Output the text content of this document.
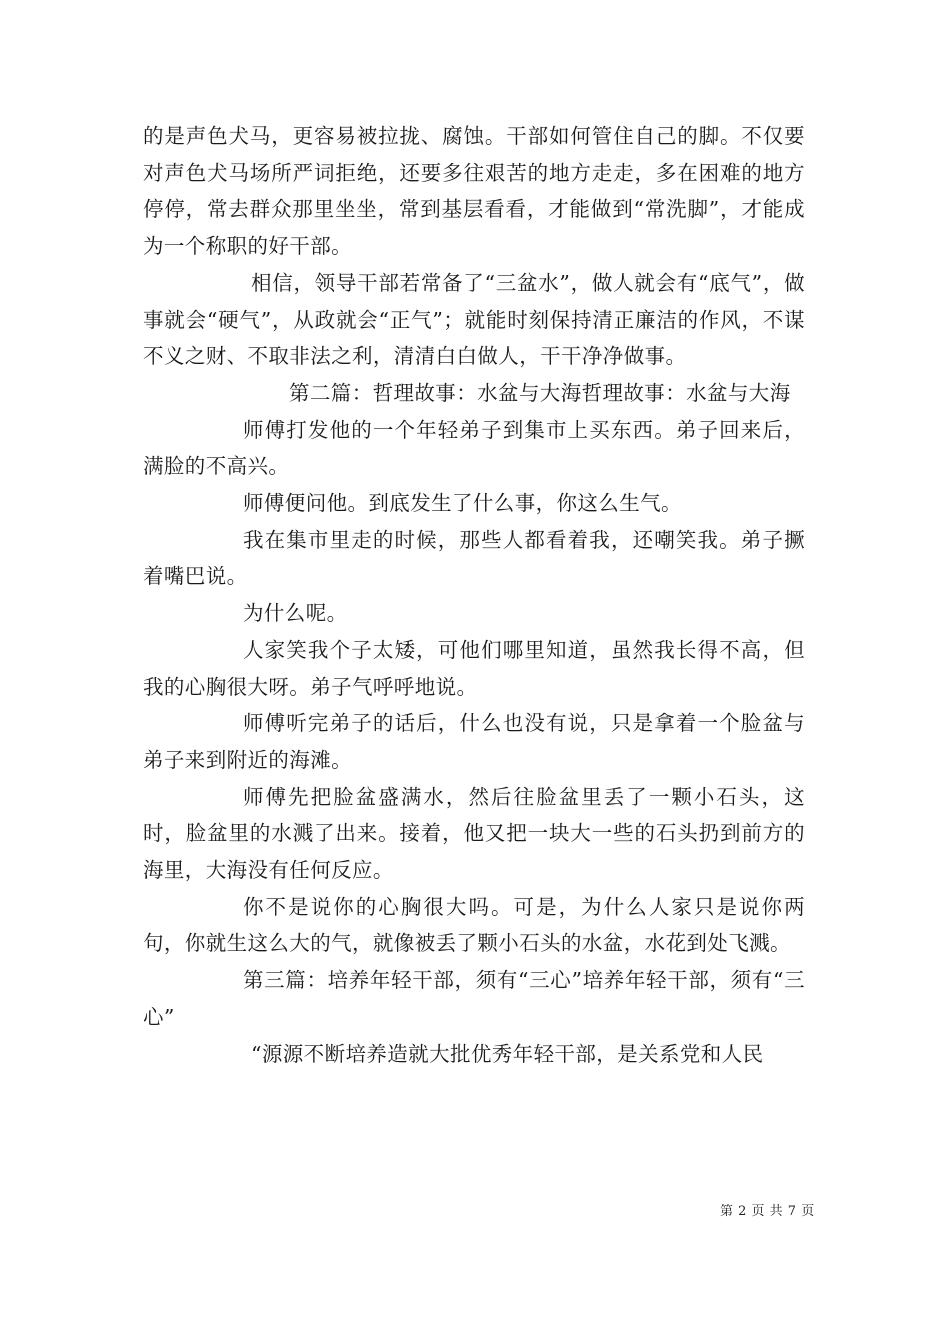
的是声色犬马，更容易被拉拢、腐蚀。干部如何管住自己的脚。不仅要对声色犬马场所严词拒绝，还要多往艰苦的地方走走，多在困难的地方停停，常去群众那里坐坐，常到基层看看，才能做到“常洗脚”，才能成为一个称职的好干部。

相信，领导干部若常备了“三盆水”，做人就会有“底气”，做事就会“硬气”，从政就会“正气”；就能时刻保持清正廉洁的作风，不谋不义之财、不取非法之利，清清白白做人，干干净净做事。

第二篇：哲理故事：水盆与大海哲理故事：水盆与大海

师傅打发他的一个年轻弟子到集市上买东西。弟子回来后，满脸的不高兴。

师傅便问他。到底发生了什么事，你这么生气。

我在集市里走的时候，那些人都看着我，还嘲笑我。弟子撅着嘴巴说。

为什么呢。

人家笑我个子太矮，可他们哪里知道，虽然我长得不高，但我的心胸很大呀。弟子气呼呼地说。

师傅听完弟子的话后，什么也没有说，只是拿着一个脸盆与弟子来到附近的海滩。

师傅先把脸盆盛满水，然后往脸盆里丢了一颗小石头，这时，脸盆里的水溅了出来。接着，他又把一块大一些的石头扔到前方的海里，大海没有任何反应。

你不是说你的心胸很大吗。可是，为什么人家只是说你两句，你就生这么大的气，就像被丢了颗小石头的水盆，水花到处飞溅。

第三篇：培养年轻干部，须有“三心”培养年轻干部，须有“三心”

“源源不断培养造就大批优秀年轻干部，是关系党和人民

第 2 页 共 7 页
